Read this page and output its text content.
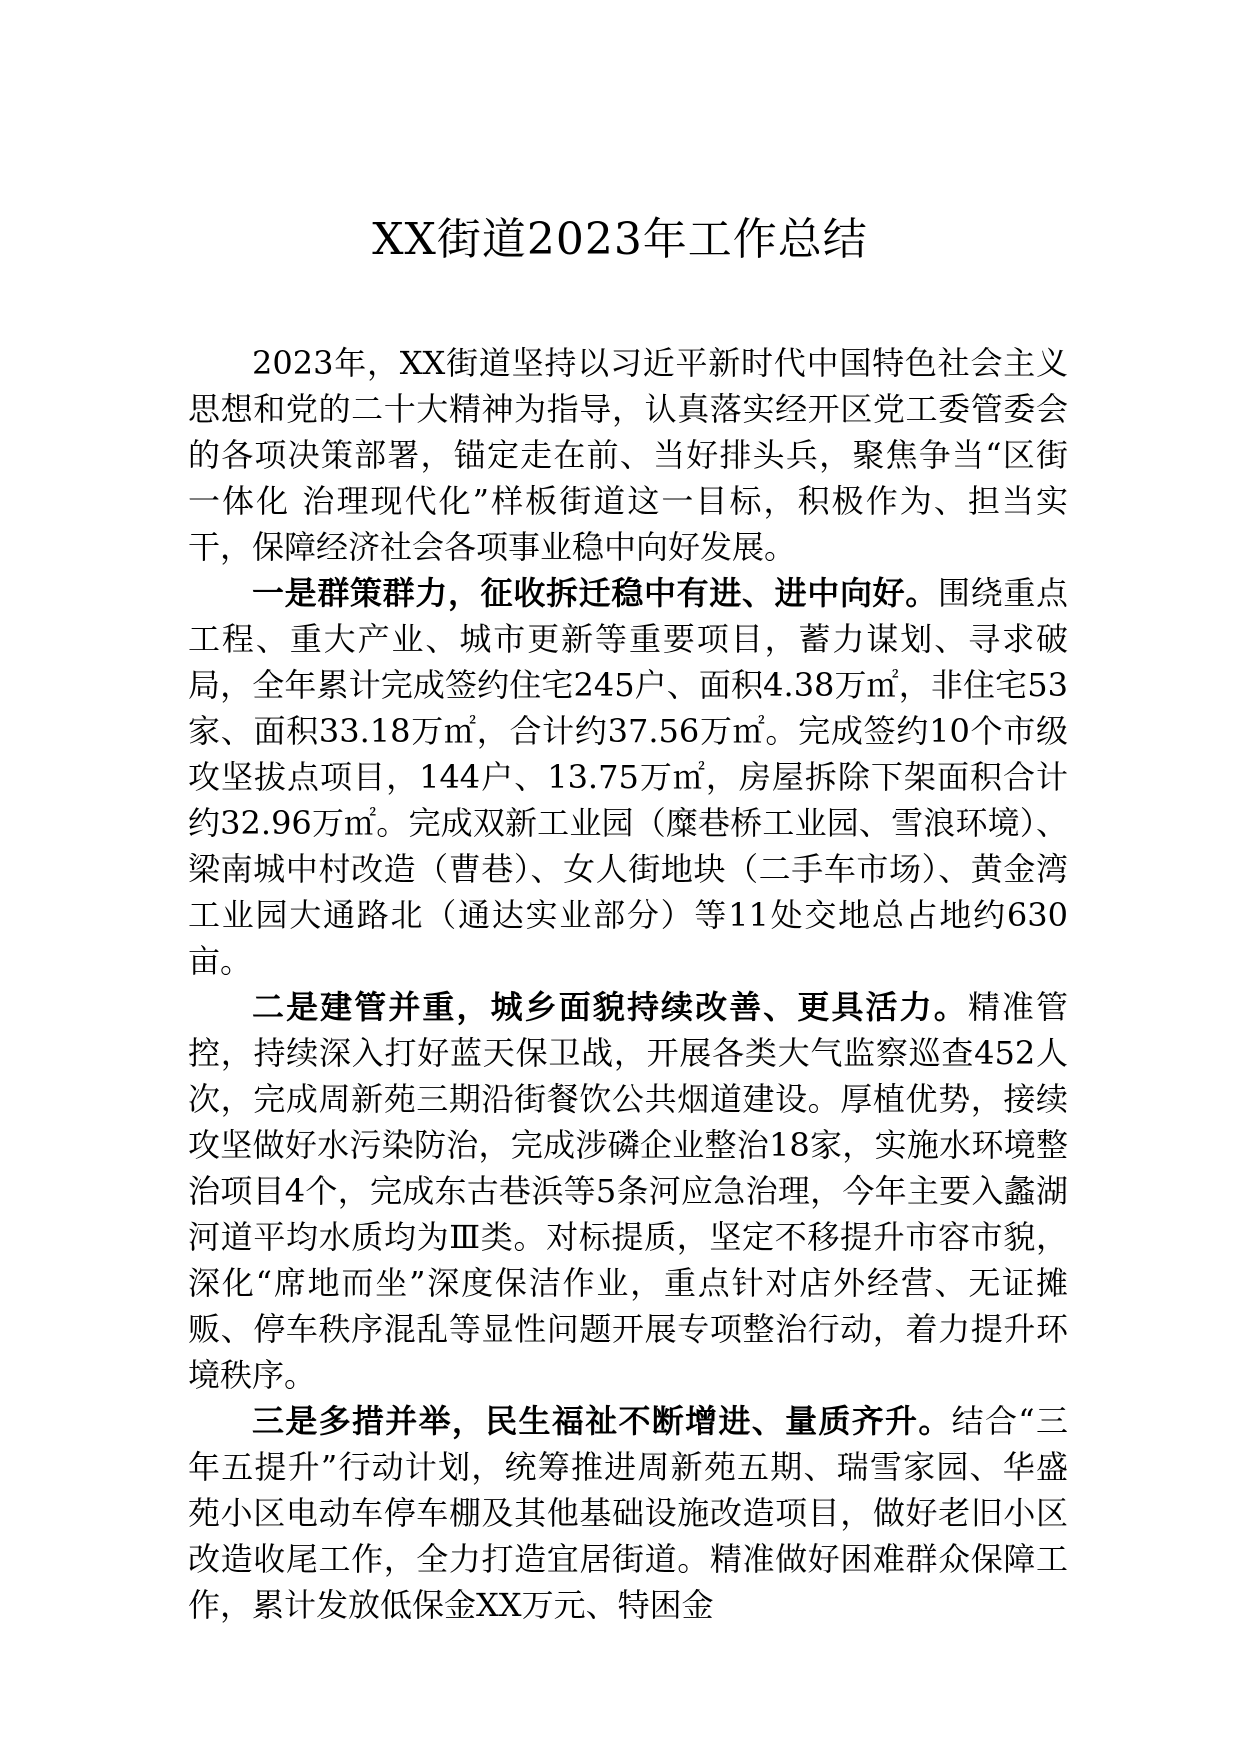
XX街道2023年工作总结

2023年，XX街道坚持以习近平新时代中国特色社会主义思想和党的二十大精神为指导，认真落实经开区党工委管委会的各项决策部署，锚定走在前、当好排头兵，聚焦争当“区街一体化 治理现代化”样板街道这一目标，积极作为、担当实干，保障经济社会各项事业稳中向好发展。

一是群策群力，征收拆迁稳中有进、进中向好。围绕重点工程、重大产业、城市更新等重要项目，蓄力谋划、寻求破局，全年累计完成签约住宅245户、面积4.38万㎡，非住宅53家、面积33.18万㎡，合计约37.56万㎡。完成签约10个市级攻坚拔点项目，144户、13.75万㎡，房屋拆除下架面积合计约32.96万㎡。完成双新工业园（糜巷桥工业园、雪浪环境）、梁南城中村改造（曹巷）、女人街地块（二手车市场）、黄金湾工业园大通路北（通达实业部分）等11处交地总占地约630亩。

二是建管并重，城乡面貌持续改善、更具活力。精准管控，持续深入打好蓝天保卫战，开展各类大气监察巡查452人次，完成周新苑三期沿街餐饮公共烟道建设。厚植优势，接续攻坚做好水污染防治，完成涉磷企业整治18家，实施水环境整治项目4个，完成东古巷浜等5条河应急治理，今年主要入蠡湖河道平均水质均为Ⅲ类。对标提质，坚定不移提升市容市貌，深化“席地而坐”深度保洁作业，重点针对店外经营、无证摊贩、停车秩序混乱等显性问题开展专项整治行动，着力提升环境秩序。

三是多措并举，民生福祉不断增进、量质齐升。结合“三年五提升”行动计划，统筹推进周新苑五期、瑞雪家园、华盛苑小区电动车停车棚及其他基础设施改造项目，做好老旧小区改造收尾工作，全力打造宜居街道。精准做好困难群众保障工作，累计发放低保金XX万元、特困金
